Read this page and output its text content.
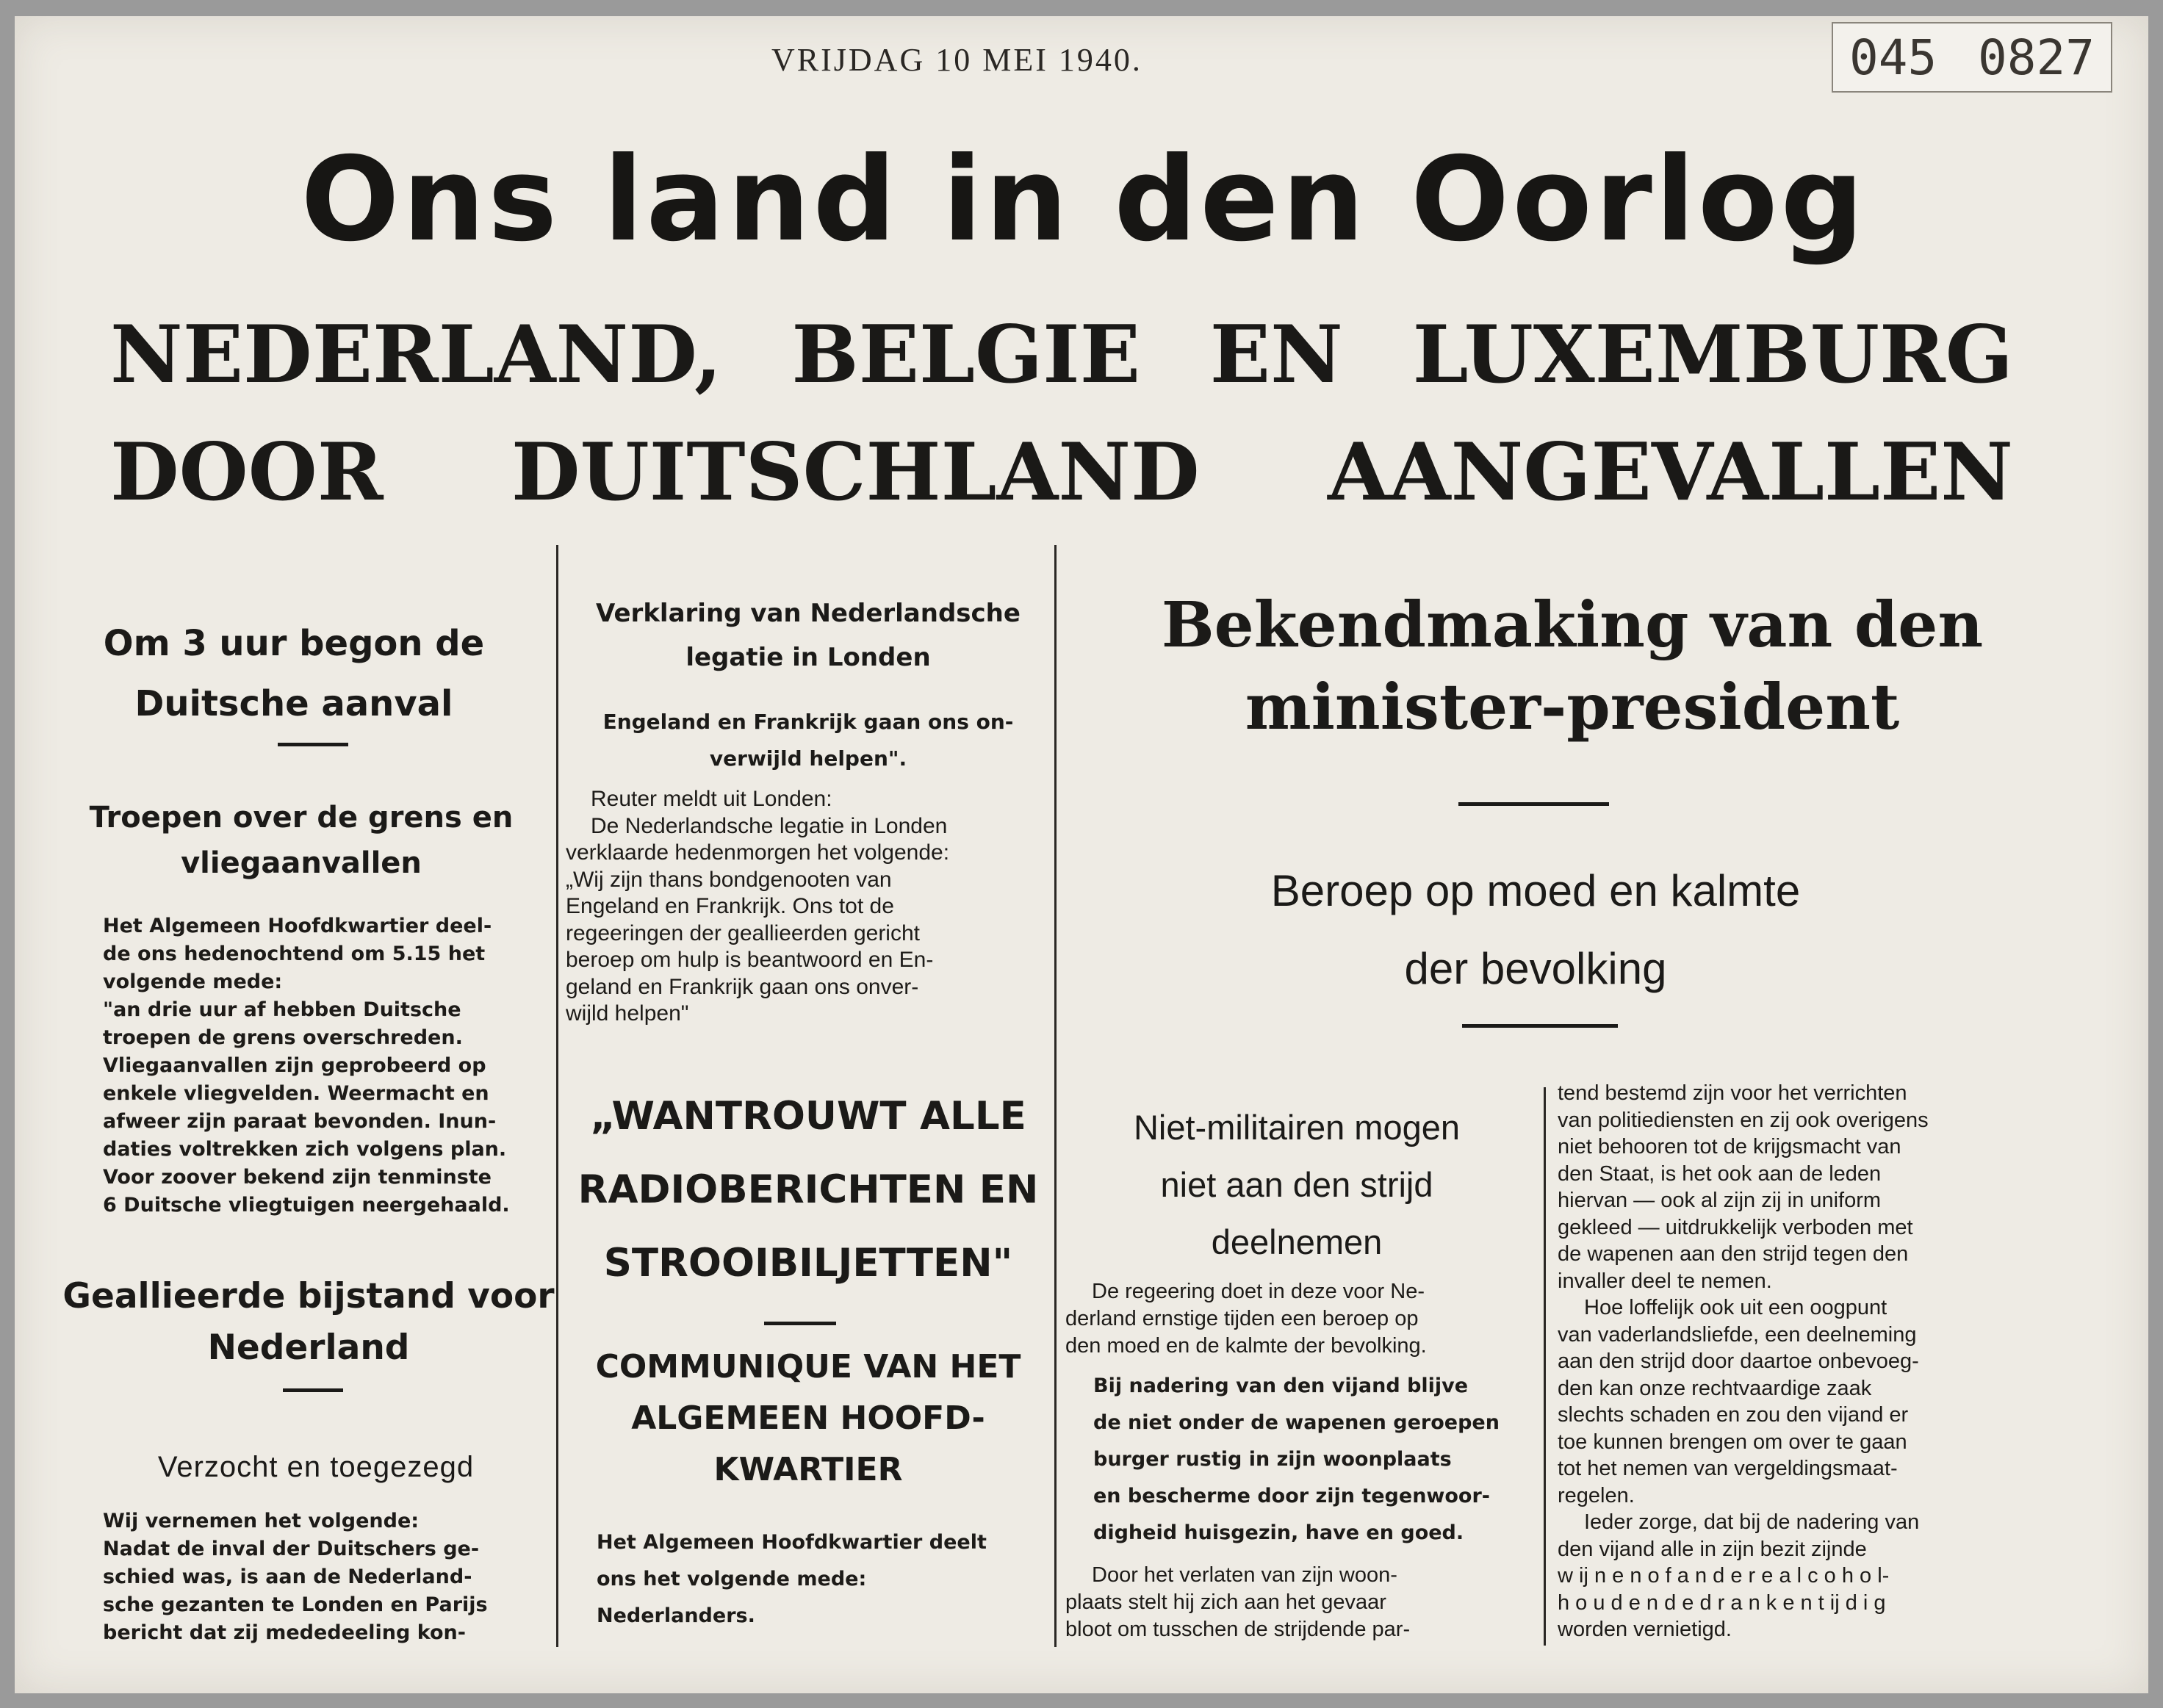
VRIJDAG 10 MEI 1940.	045 0827
Ons land in den Oorlog
NEDERLAND, BELGIE EN LUXEMBURG
DOOR DUITSCHLAND AANGEVALLEN
Om 3 uur begon de
Duitsche aanval
Troepen over de grens en
vliegaanvallen
Het Algemeen Hoofdkwartier deel-
de ons hedenochtend om 5.15 het
volgende mede:
"an drie uur af hebben Duitsche
troepen de grens overschreden.
Vliegaanvallen zijn geprobeerd op
enkele vliegvelden. Weermacht en
afweer zijn paraat bevonden. Inun-
daties voltrekken zich volgens plan.
Voor zoover bekend zijn tenminste
6 Duitsche vliegtuigen neergehaald.
Geallieerde bijstand voor
Nederland
Verzocht en toegezegd
Wij vernemen het volgende:
Nadat de inval der Duitschers ge-
schied was, is aan de Nederland-
sche gezanten te Londen en Parijs
bericht dat zij mededeeling kon-
Verklaring van Nederlandsche
legatie in Londen
Engeland en Frankrijk gaan ons on-
verwijld helpen".
Reuter meldt uit Londen:
De Nederlandsche legatie in Londen
verklaarde hedenmorgen het volgende:
„Wij zijn thans bondgenooten van
Engeland en Frankrijk. Ons tot de
regeeringen der geallieerden gericht
beroep om hulp is beantwoord en En-
geland en Frankrijk gaan ons onver-
wijld helpen"
„WANTROUWT ALLE
RADIOBERICHTEN EN
STROOIBILJETTEN"
COMMUNIQUE VAN HET
ALGEMEEN HOOFD-
KWARTIER
Het Algemeen Hoofdkwartier deelt
ons het volgende mede:
Nederlanders.
Bekendmaking van den
minister-president
Beroep op moed en kalmte
der bevolking
Niet-militairen mogen
niet aan den strijd
deelnemen
De regeering doet in deze voor Ne-
derland ernstige tijden een beroep op
den moed en de kalmte der bevolking.
Bij nadering van den vijand blijve
de niet onder de wapenen geroepen
burger rustig in zijn woonplaats
en bescherme door zijn tegenwoor-
digheid huisgezin, have en goed.
Door het verlaten van zijn woon-
plaats stelt hij zich aan het gevaar
bloot om tusschen de strijdende par-
tend bestemd zijn voor het verrichten
van politiediensten en zij ook overigens
niet behooren tot de krijgsmacht van
den Staat, is het ook aan de leden
hiervan — ook al zijn zij in uniform
gekleed — uitdrukkelijk verboden met
de wapenen aan den strijd tegen den
invaller deel te nemen.
Hoe loffelijk ook uit een oogpunt
van vaderlandsliefde, een deelneming
aan den strijd door daartoe onbevoeg-
den kan onze rechtvaardige zaak
slechts schaden en zou den vijand er
toe kunnen brengen om over te gaan
tot het nemen van vergeldingsmaat-
regelen.
Ieder zorge, dat bij de nadering van
den vijand alle in zijn bezit zijnde
w ij n e n o f a n d e r e a l c o h o l-
h o u d e n d e d r a n k e n t ij d i g
worden vernietigd.
